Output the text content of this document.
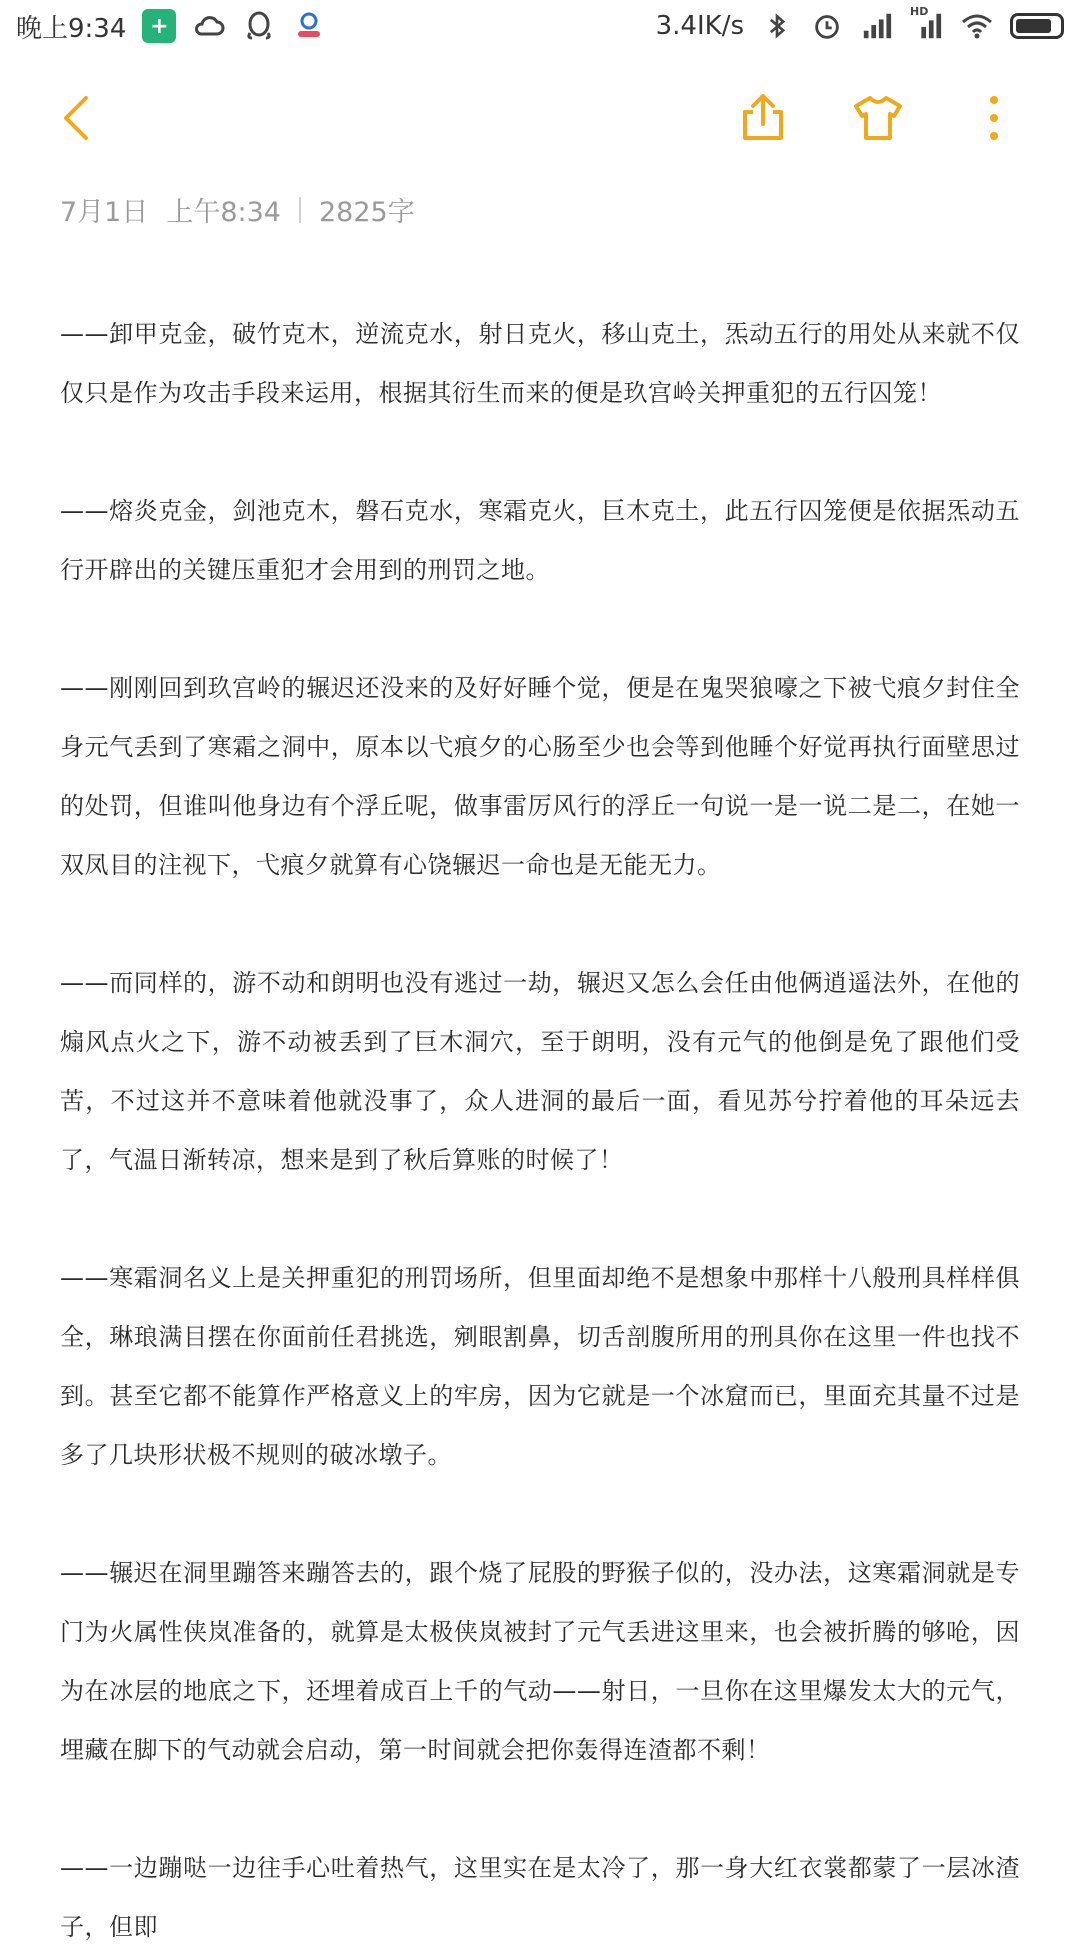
晚上9:34	+	3.4IK/s	HD
7月1日 上午8:34 2825字

——卸甲克金，破竹克木，逆流克水，射日克火，移山克土，炁动五行的用处从来就不仅仅只是作为攻击手段来运用，根据其衍生而来的便是玖宫岭关押重犯的五行囚笼！

——熔炎克金，剑池克木，磐石克水，寒霜克火，巨木克土，此五行囚笼便是依据炁动五行开辟出的关键压重犯才会用到的刑罚之地。

——刚刚回到玖宫岭的辗迟还没来的及好好睡个觉，便是在鬼哭狼嚎之下被弋痕夕封住全身元气丢到了寒霜之洞中，原本以弋痕夕的心肠至少也会等到他睡个好觉再执行面壁思过的处罚，但谁叫他身边有个浮丘呢，做事雷厉风行的浮丘一句说一是一说二是二，在她一双凤目的注视下，弋痕夕就算有心饶辗迟一命也是无能无力。

——而同样的，游不动和朗明也没有逃过一劫，辗迟又怎么会任由他俩逍遥法外，在他的煽风点火之下，游不动被丢到了巨木洞穴，至于朗明，没有元气的他倒是免了跟他们受苦，不过这并不意味着他就没事了，众人进洞的最后一面，看见苏兮拧着他的耳朵远去了，气温日渐转凉，想来是到了秋后算账的时候了！

——寒霜洞名义上是关押重犯的刑罚场所，但里面却绝不是想象中那样十八般刑具样样俱全，琳琅满目摆在你面前任君挑选，剜眼割鼻，切舌剖腹所用的刑具你在这里一件也找不到。甚至它都不能算作严格意义上的牢房，因为它就是一个冰窟而已，里面充其量不过是多了几块形状极不规则的破冰墩子。

——辗迟在洞里蹦答来蹦答去的，跟个烧了屁股的野猴子似的，没办法，这寒霜洞就是专门为火属性侠岚准备的，就算是太极侠岚被封了元气丢进这里来，也会被折腾的够呛，因为在冰层的地底之下，还埋着成百上千的气动——射日，一旦你在这里爆发太大的元气，埋藏在脚下的气动就会启动，第一时间就会把你轰得连渣都不剩！

——一边蹦哒一边往手心吐着热气，这里实在是太冷了，那一身大红衣裳都蒙了一层冰渣子，但即
